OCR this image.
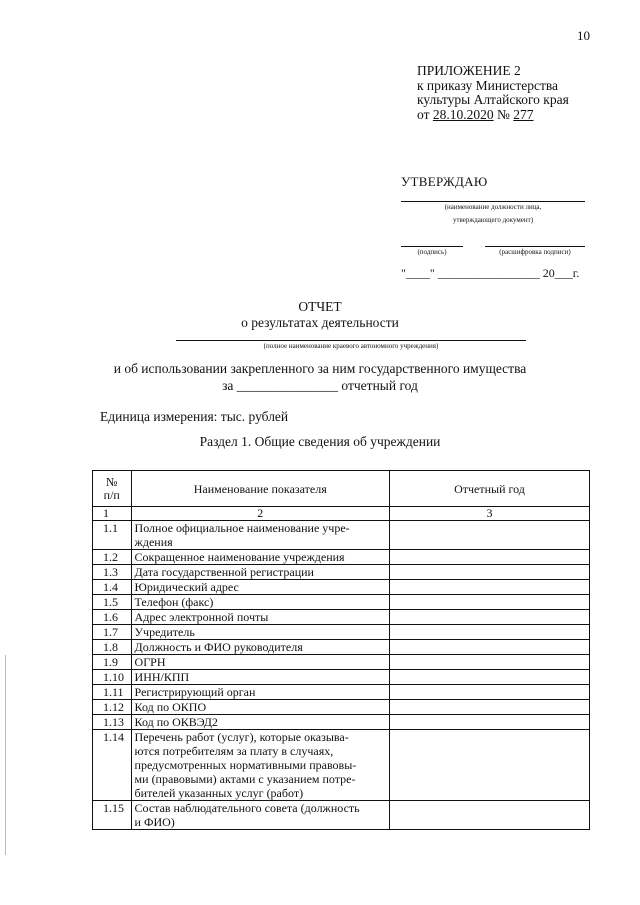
10
ПРИЛОЖЕНИЕ 2
к приказу Министерства
культуры Алтайского края
от 28.10.2020 № 277
УТВЕРЖДАЮ
(наименование должности лица,
утверждающего документ)
(подпись)	(расшифровка подписи)
"____" _________________ 20___г.
ОТЧЕТ
о результатах деятельности
(полное наименование краевого автономного учреждения)
и об использовании закрепленного за ним государственного имущества
за _______________ отчетный год
Единица измерения: тыс. рублей
Раздел 1. Общие сведения об учреждении
№
п/п	Наименование показателя	Отчетный год
1	2	3
1.1	Полное официальное наименование учре-
ждения	
1.2	Сокращенное наименование учреждения	
1.3	Дата государственной регистрации	
1.4	Юридический адрес	
1.5	Телефон (факс)	
1.6	Адрес электронной почты	
1.7	Учредитель	
1.8	Должность и ФИО руководителя	
1.9	ОГРН	
1.10	ИНН/КПП	
1.11	Регистрирующий орган	
1.12	Код по ОКПО	
1.13	Код по ОКВЭД2	
1.14	Перечень работ (услуг), которые оказыва-
ются потребителям за плату в случаях,
предусмотренных нормативными правовы-
ми (правовыми) актами с указанием потре-
бителей указанных услуг (работ)	
1.15	Состав наблюдательного совета (должность
и ФИО)	
